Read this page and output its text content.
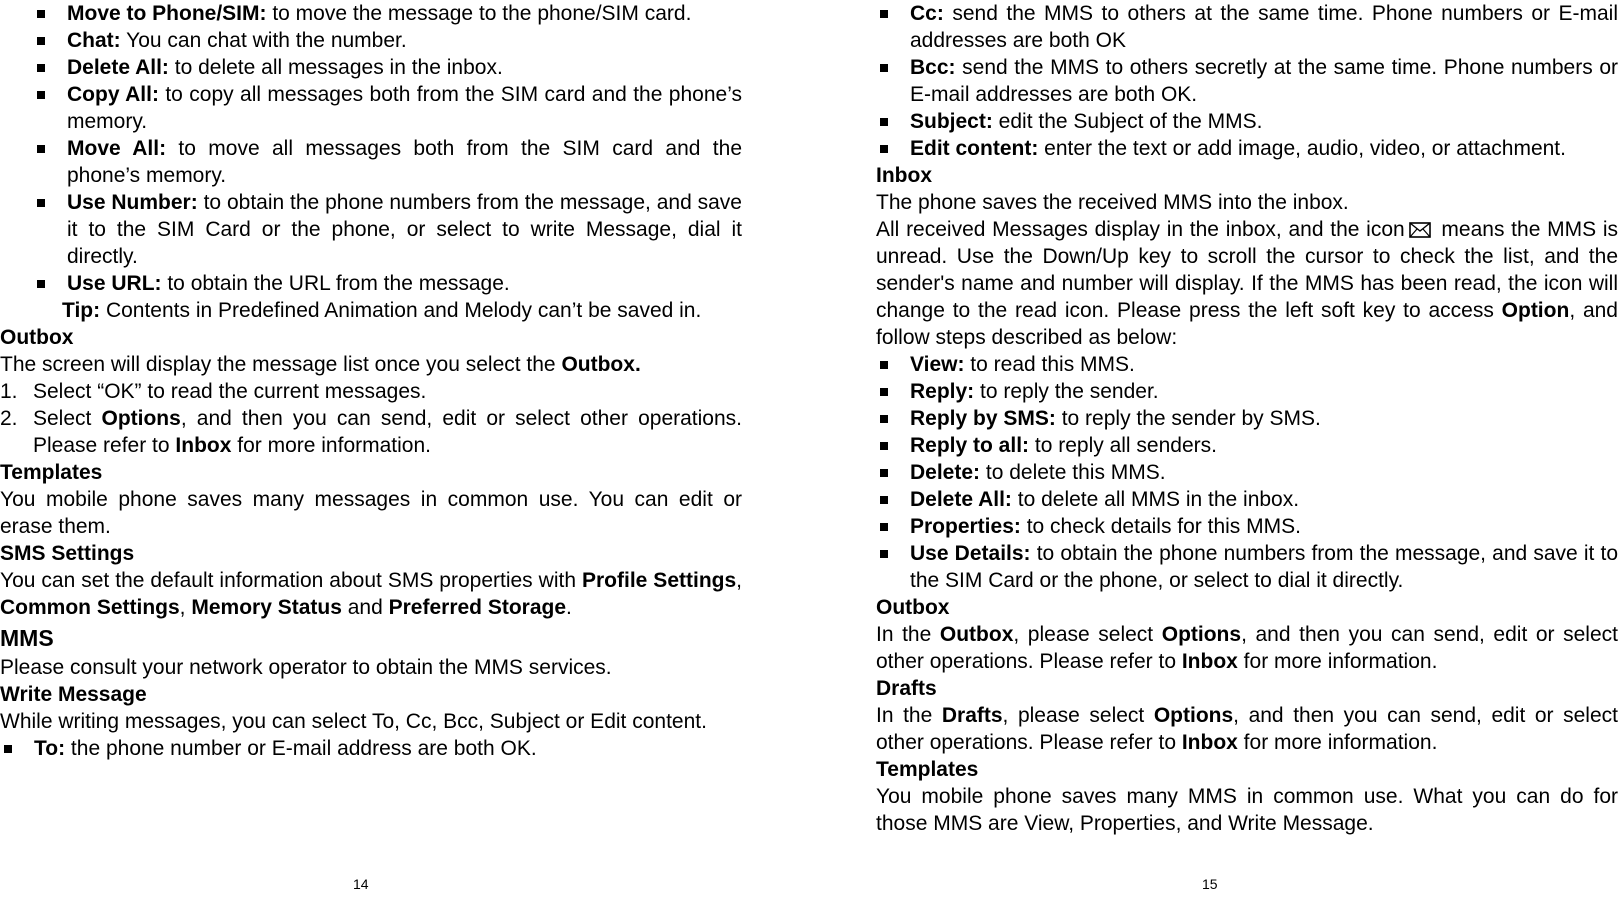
Move to Phone/SIM: to move the message to the phone/SIM card.
Chat: You can chat with the number.
Delete All: to delete all messages in the inbox.
Copy All: to copy all messages both from the SIM card and the phone’s memory.
Move All: to move all messages both from the SIM card and the phone’s memory.
Use Number: to obtain the phone numbers from the message, and save it to the SIM Card or the phone, or select to write Message, dial it directly.
Use URL: to obtain the URL from the message.
Tip: Contents in Predefined Animation and Melody can’t be saved in.
Outbox

The screen will display the message list once you select the Outbox.

1. Select “OK” to read the current messages.
2. Select Options, and then you can send, edit or select other operations. Please refer to Inbox for more information.
Templates

You mobile phone saves many messages in common use. You can edit or erase them.

SMS Settings

You can set the default information about SMS properties with Profile Settings, Common Settings, Memory Status and Preferred Storage.

MMS

Please consult your network operator to obtain the MMS services.

Write Message

While writing messages, you can select To, Cc, Bcc, Subject or Edit content.

To: the phone number or E-mail address are both OK.
14
Cc: send the MMS to others at the same time. Phone numbers or E-mail addresses are both OK
Bcc: send the MMS to others secretly at the same time. Phone numbers or E-mail addresses are both OK.
Subject: edit the Subject of the MMS.
Edit content: enter the text or add image, audio, video, or attachment.
Inbox

The phone saves the received MMS into the inbox.

All received Messages display in the inbox, and the icon means the MMS is unread. Use the Down/Up key to scroll the cursor to check the list, and the sender's name and number will display. If the MMS has been read, the icon will change to the read icon. Please press the left soft key to access Option, and follow steps described as below:

View: to read this MMS.
Reply: to reply the sender.
Reply by SMS: to reply the sender by SMS.
Reply to all: to reply all senders.
Delete: to delete this MMS.
Delete All: to delete all MMS in the inbox.
Properties: to check details for this MMS.
Use Details: to obtain the phone numbers from the message, and save it to the SIM Card or the phone, or select to dial it directly.
Outbox

In the Outbox, please select Options, and then you can send, edit or select other operations. Please refer to Inbox for more information.

Drafts

In the Drafts, please select Options, and then you can send, edit or select other operations. Please refer to Inbox for more information.

Templates

You mobile phone saves many MMS in common use. What you can do for those MMS are View, Properties, and Write Message.

15
